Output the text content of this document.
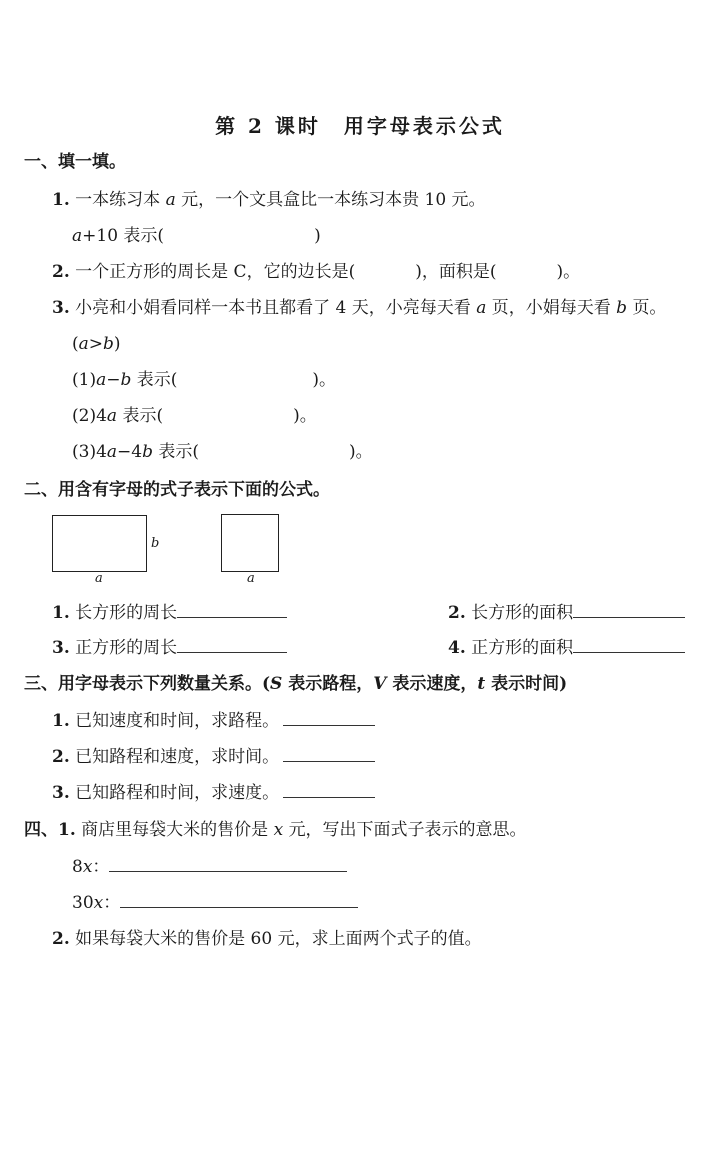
第 2 课时　用字母表示公式
一、填一填。
1. 一本练习本 a 元，一个文具盒比一本练习本贵 10 元。
a+10 表示(	)
2. 一个正方形的周长是 C，它的边长是(	)，面积是(	)。
3. 小亮和小娟看同样一本书且都看了 4 天，小亮每天看 a 页，小娟每天看 b 页。
(a>b)
(1)a−b 表示(	)。
(2)4a 表示(	)。
(3)4a−4b 表示(	)。
二、用含有字母的式子表示下面的公式。
b
a	a
1. 长方形的周长	2. 长方形的面积
3. 正方形的周长	4. 正方形的面积
三、用字母表示下列数量关系。(S 表示路程，V 表示速度，t 表示时间)
1. 已知速度和时间，求路程。
2. 已知路程和速度，求时间。
3. 已知路程和时间，求速度。
四、1. 商店里每袋大米的售价是 x 元，写出下面式子表示的意思。
8x：
30x：
2. 如果每袋大米的售价是 60 元，求上面两个式子的值。
